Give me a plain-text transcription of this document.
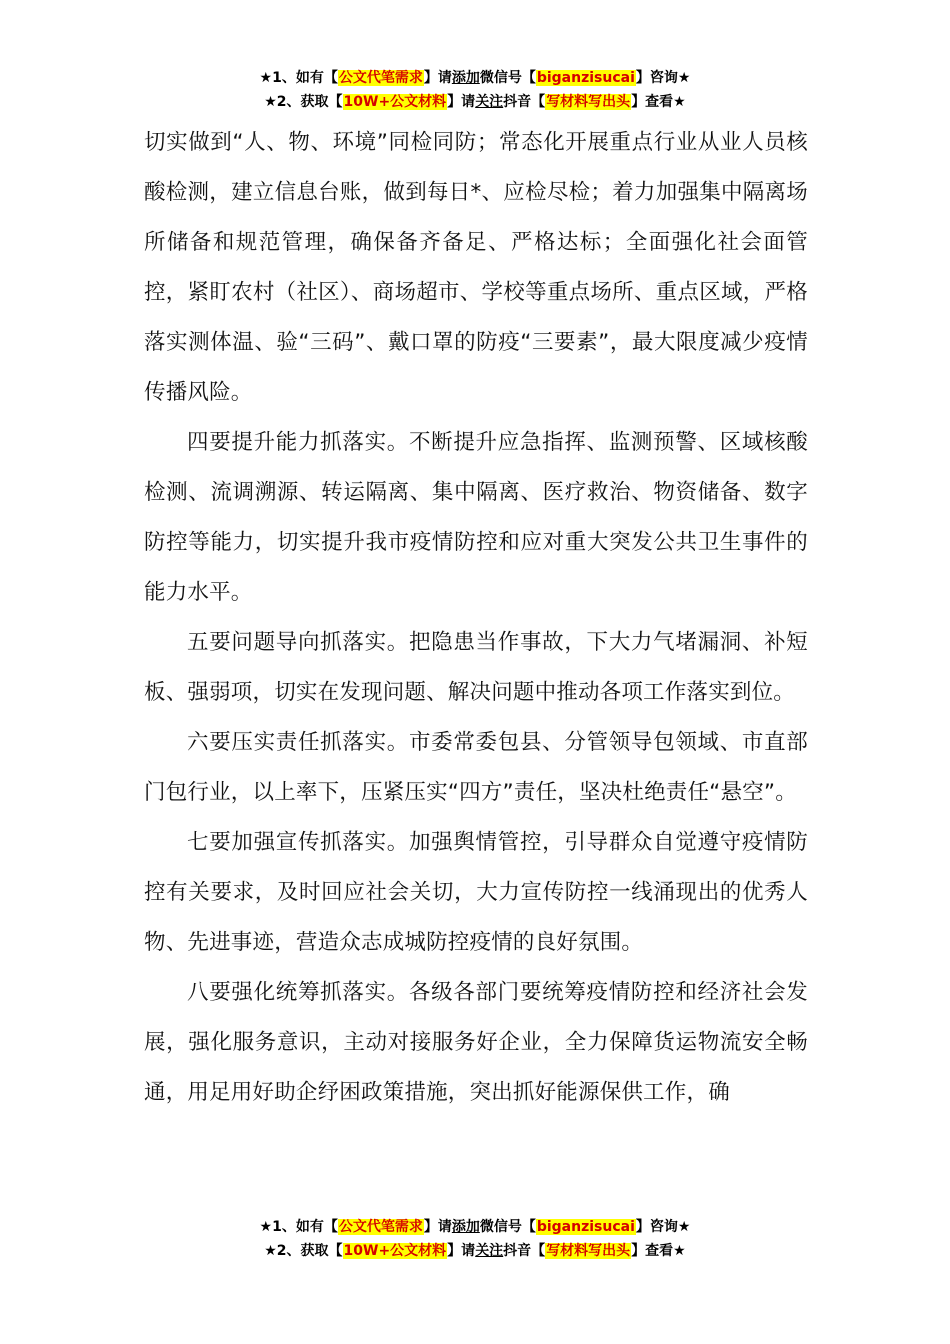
★1、如有【公文代笔需求】请添加微信号【biganzisucai】咨询★
★2、获取【10W+公文材料】请关注抖音【写材料写出头】查看★

切实做到“人、物、环境”同检同防；常态化开展重点行业从业人员核酸检测，建立信息台账，做到每日*、应检尽检；着力加强集中隔离场所储备和规范管理，确保备齐备足、严格达标；全面强化社会面管控，紧盯农村（社区）、商场超市、学校等重点场所、重点区域，严格落实测体温、验“三码”、戴口罩的防疫“三要素”，最大限度减少疫情传播风险。

四要提升能力抓落实。不断提升应急指挥、监测预警、区域核酸检测、流调溯源、转运隔离、集中隔离、医疗救治、物资储备、数字防控等能力，切实提升我市疫情防控和应对重大突发公共卫生事件的能力水平。

五要问题导向抓落实。把隐患当作事故，下大力气堵漏洞、补短板、强弱项，切实在发现问题、解决问题中推动各项工作落实到位。

六要压实责任抓落实。市委常委包县、分管领导包领域、市直部门包行业，以上率下，压紧压实“四方”责任，坚决杜绝责任“悬空”。

七要加强宣传抓落实。加强舆情管控，引导群众自觉遵守疫情防控有关要求，及时回应社会关切，大力宣传防控一线涌现出的优秀人物、先进事迹，营造众志成城防控疫情的良好氛围。

八要强化统筹抓落实。各级各部门要统筹疫情防控和经济社会发展，强化服务意识，主动对接服务好企业，全力保障货运物流安全畅通，用足用好助企纾困政策措施，突出抓好能源保供工作，确

★1、如有【公文代笔需求】请添加微信号【biganzisucai】咨询★
★2、获取【10W+公文材料】请关注抖音【写材料写出头】查看★
